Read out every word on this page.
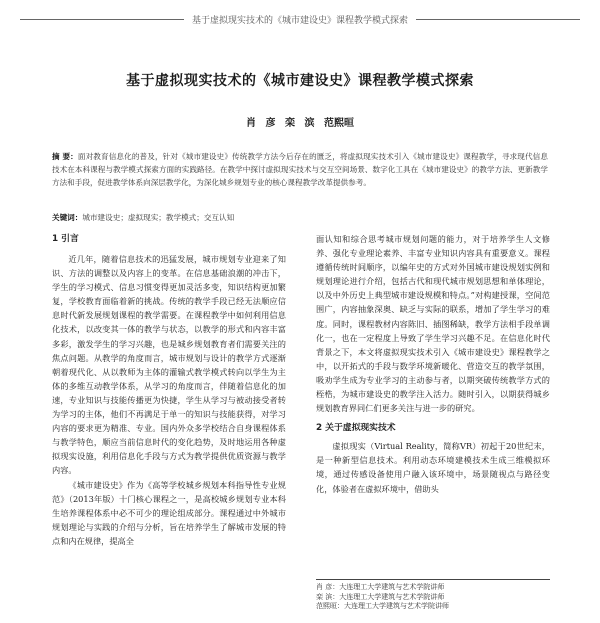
基于虚拟现实技术的《城市建设史》课程教学模式探索
基于虚拟现实技术的《城市建设史》课程教学模式探索
肖 彦 栾 滨 范熙晅
摘 要：面对教育信息化的普及，针对《城市建设史》传统教学方法今后存在的匮乏，将虚拟现实技术引入《城市建设史》课程教学，寻求现代信息技术在本科课程与教学模式探索方面的实践路径。在教学中探讨虚拟现实技术与交互空间场景、数字化工具在《城市建设史》的教学方法、更新教学方法和手段，促进教学体系向深层教学化，为深化城乡规划专业的核心课程教学改革提供参考。
关键词：城市建设史；虚拟现实；教学模式；交互认知
1 引言

近几年，随着信息技术的迅猛发展，城市规划专业迎来了知识、方法的调整以及内容上的变革。在信息基础浪潮的冲击下，学生的学习模式、信息习惯变得更加灵活多变，知识结构更加繁复，学校教育面临着新的挑战。传统的教学手段已经无法顺应信息时代新发展规划课程的教学需要。在课程教学中如何利用信息化技术，以改变其一体的教学与状态，以教学的形式和内容丰富多彩，激发学生的学习兴趣，也是城乡规划教育者们需要关注的焦点问题。从教学的角度而言，城市规划与设计的教学方式逐渐朝着现代化、从以教师为主体的灌输式教学模式转向以学生为主体的多维互动教学体系，从学习的角度而言，伴随着信息化的加速，专业知识与技能传播更为快捷，学生从学习与被动接受者转为学习的主体，他们不再满足于单一的知识与技能获得，对学习内容的要求更为精准、专业。国内外众多学校结合自身课程体系与教学特色，顺应当前信息时代的变化趋势，及时地运用各种虚拟现实设施，利用信息化手段与方式为教学提供优质资源与教学内容。

《城市建设史》作为《高等学校城乡规划本科指导性专业规范》（2013年版）十门核心课程之一，是高校城乡规划专业本科生培养课程体系中必不可少的理论组成部分。课程通过中外城市规划理论与实践的介绍与分析，旨在培养学生了解城市发展的特点和内在规律，提高全

面认知和综合思考城市规划问题的能力，对于培养学生人文修养、强化专业理论素养、丰富专业知识内容具有重要意义。课程遵循传统时间顺序，以编年史的方式对外国城市建设规划实例和规划理论进行介绍，包括古代和现代城市规划思想和单体理论，以及中外历史上典型城市建设规模和特点。”对构建授课，空间范围广，内容抽象深奥、缺乏与实际的联系，增加了学生学习的难度。同时，课程教材内容陈旧、插图稀缺，教学方法相手段单调化一，也在一定程度上导致了学生学习兴趣不足。在信息化时代背景之下，本文将虚拟现实技术引入《城市建设史》课程教学之中，以开拓式的手段与数学环境新暖化、营造交互的教学氛围，吸劝学生成为专业学习的主动参与者，以期突破传统教学方式的桎梏，为城市建设史的教学注入活力。随时引入，以期获得城乡规划教育界同仁们更多关注与进一步的研究。

2 关于虚拟现实技术

虚拟现实（Virtual Reality，简称VR）初起于20世纪末，是一种新型信息技术。利用动态环境建模技术生成三维模拟环境，通过传感设备使用户融入该环境中，场景随视点与路径变化，体验者在虚拟环境中，借助头

肖 彦：大连理工大学建筑与艺术学院讲师
栾 滨：大连理工大学建筑与艺术学院讲师
范熙晅：大连理工大学建筑与艺术学院讲师
